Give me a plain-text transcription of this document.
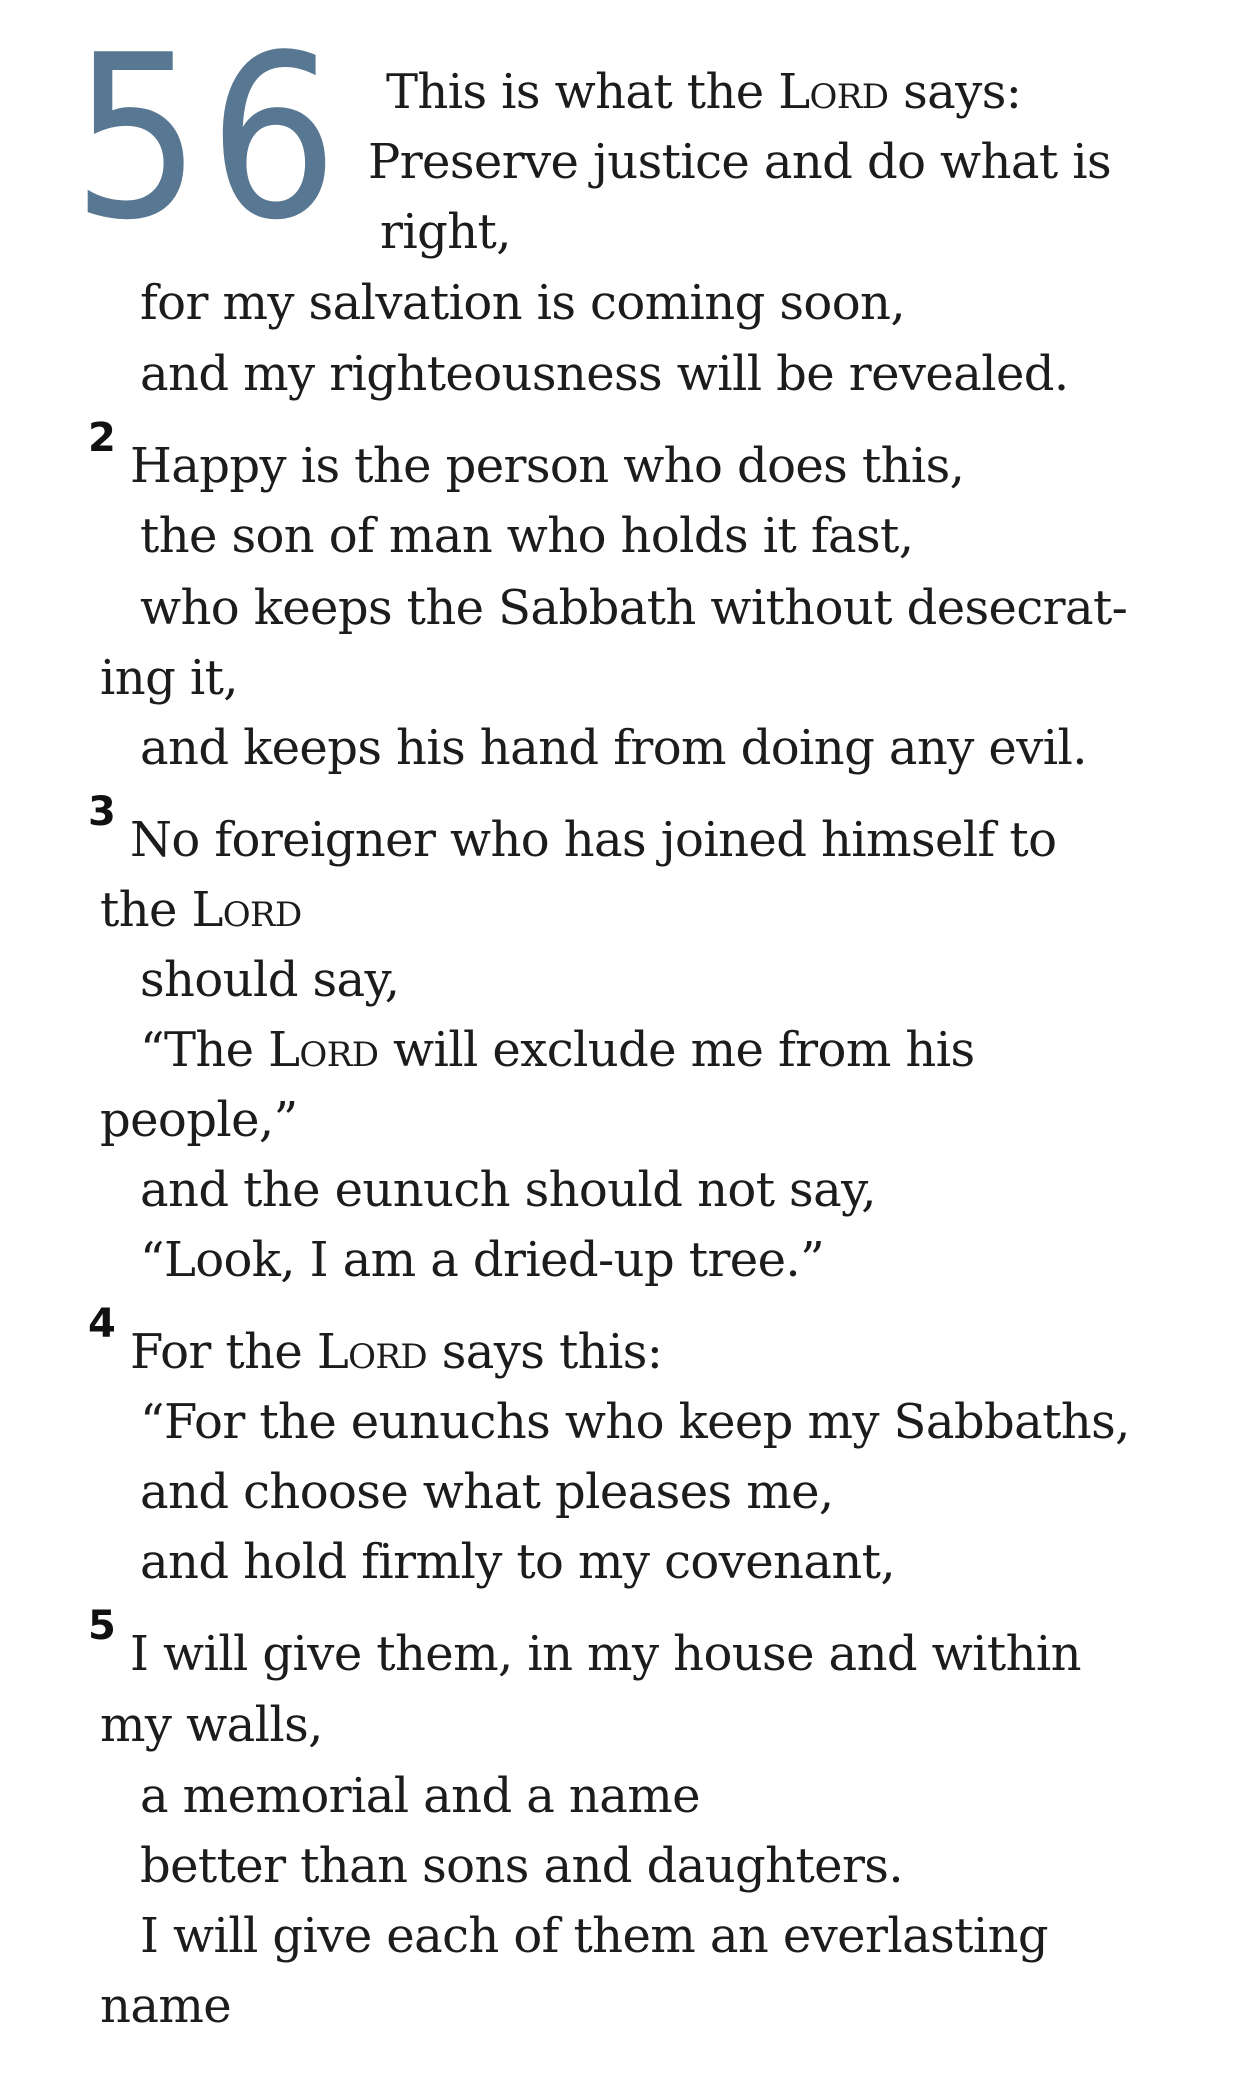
56 This is what the Lord says:
Preserve justice and do what is
right,
for my salvation is coming soon,
and my righteousness will be revealed.
2 Happy is the person who does this,
the son of man who holds it fast,
who keeps the Sabbath without desecrat-
ing it,
and keeps his hand from doing any evil.
3 No foreigner who has joined himself to
the Lord
should say,
“The Lord will exclude me from his
people,”
and the eunuch should not say,
“Look, I am a dried-up tree.”
4 For the Lord says this:
“For the eunuchs who keep my Sabbaths,
and choose what pleases me,
and hold firmly to my covenant,
5 I will give them, in my house and within
my walls,
a memorial and a name
better than sons and daughters.
I will give each of them an everlasting
name
